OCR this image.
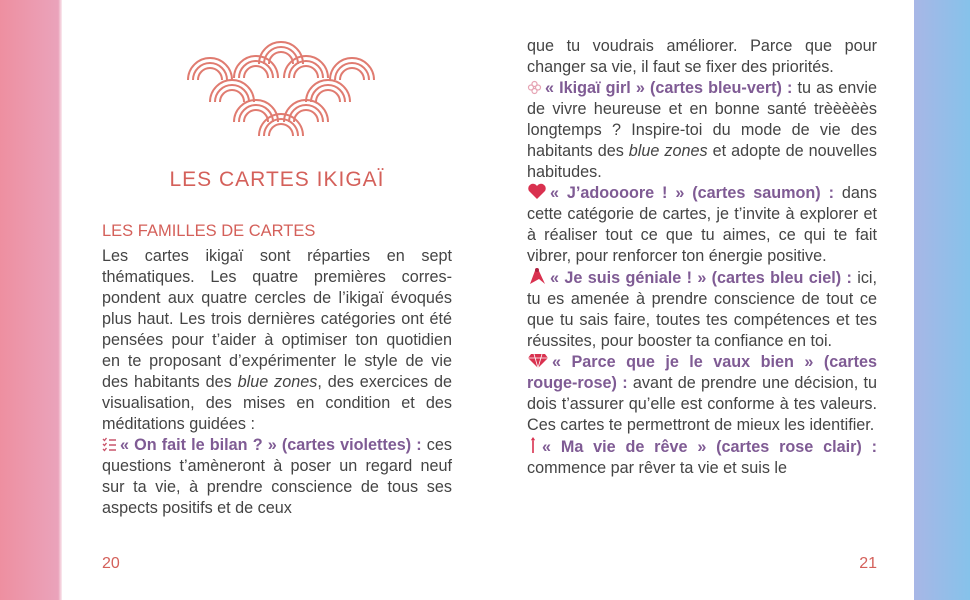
LES CARTES IKIGAÏ
LES FAMILLES DE CARTES

Les cartes ikigaï sont réparties en sept thématiques. Les quatre premières correspondent aux quatre cercles de l’ikigaï évoqués plus haut. Les trois dernières catégories ont été pensées pour t’aider à optimiser ton quotidien en te proposant d’expérimenter le style de vie des habitants des blue zones, des exercices de visualisation, des mises en condition et des méditations guidées :
« On fait le bilan ? » (cartes violettes) : ces questions t’amèneront à poser un regard neuf sur ta vie, à prendre conscience de tous ses aspects positifs et de ceux

20

que tu voudrais améliorer. Parce que pour changer sa vie, il faut se fixer des priorités.
« Ikigaï girl » (cartes bleu-vert) : tu as envie de vivre heureuse et en bonne santé trèèèèès longtemps ? Inspire-toi du mode de vie des habitants des blue zones et adopte de nouvelles habitudes.
« J’adoooore ! » (cartes saumon) : dans cette catégorie de cartes, je t’invite à explorer et à réaliser tout ce que tu aimes, ce qui te fait vibrer, pour renforcer ton énergie positive.
« Je suis géniale ! » (cartes bleu ciel) : ici, tu es amenée à prendre conscience de tout ce que tu sais faire, toutes tes compétences et tes réussites, pour booster ta confiance en toi.
« Parce que je le vaux bien » (cartes rouge-rose) : avant de prendre une décision, tu dois t’assurer qu’elle est conforme à tes valeurs. Ces cartes te permettront de mieux les identifier.
« Ma vie de rêve » (cartes rose clair) : commence par rêver ta vie et suis le

21
